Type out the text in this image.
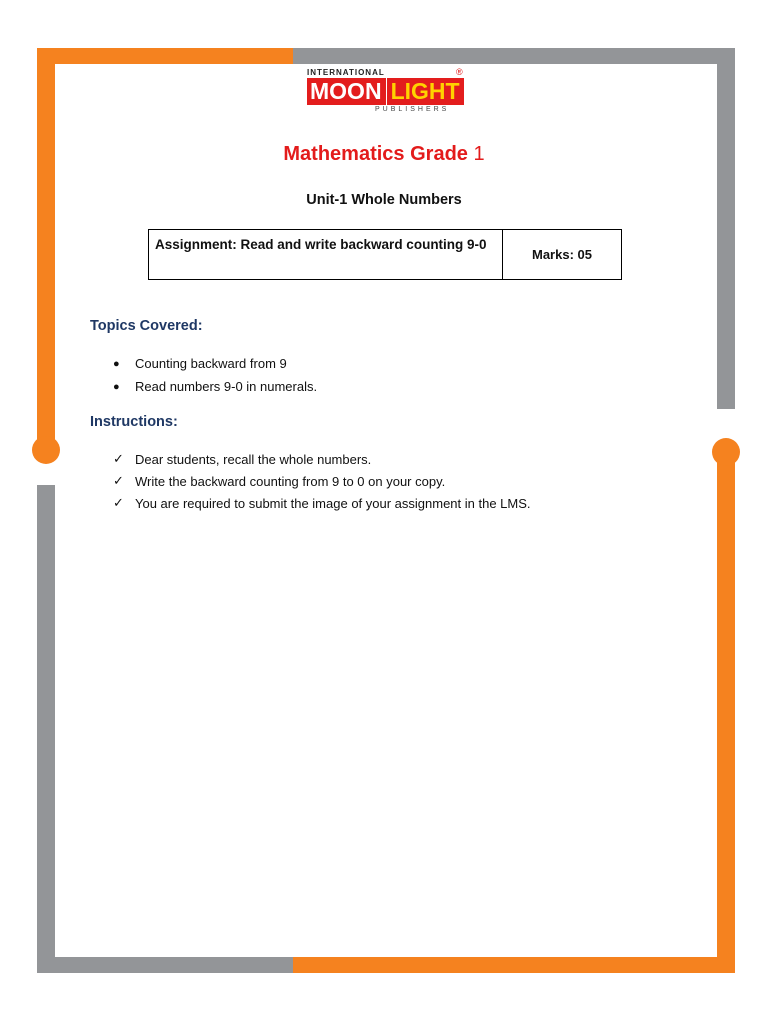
INTERNATIONAL	®
MOON LIGHT
PUBLISHERS
Mathematics Grade 1
Unit-1 Whole Numbers
Assignment: Read and write backward counting 9-0
Marks: 05
Topics Covered:
●	Counting backward from 9
●	Read numbers 9-0 in numerals.
Instructions:
✓ Dear students, recall the whole numbers.
✓ Write the backward counting from 9 to 0 on your copy.
✓ You are required to submit the image of your assignment in the LMS.
